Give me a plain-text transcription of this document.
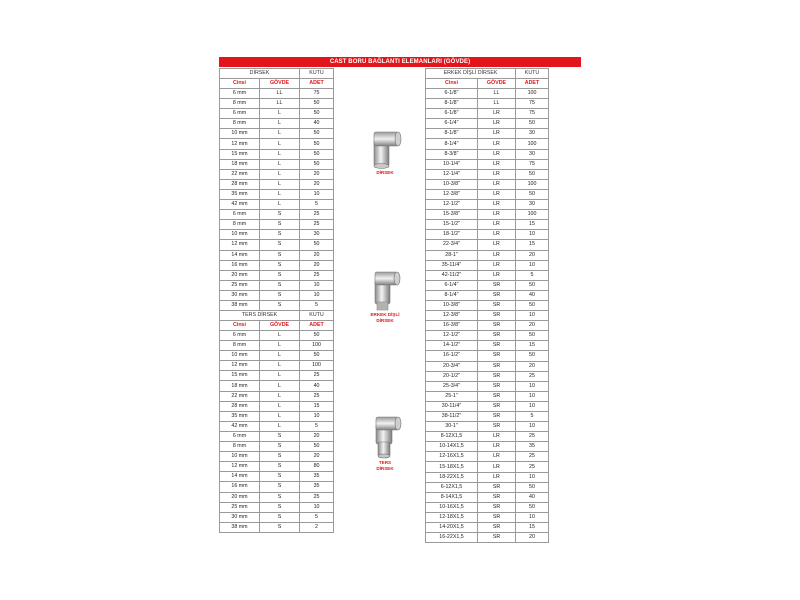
CAST BORU BAĞLANTI ELEMANLARI (GÖVDE)
DİRSEK		KUTU
Cinsi	GÖVDE	ADET
6 mm	LL	75
8 mm	LL	50
6 mm	L	50
8 mm	L	40
10 mm	L	50
12 mm	L	50
15 mm	L	50
18 mm	L	50
22 mm	L	20
28 mm	L	20
35 mm	L	10
42 mm	L	5
6 mm	S	25
8 mm	S	25
10 mm	S	30
12 mm	S	50
14 mm	S	20
16 mm	S	20
20 mm	S	25
25 mm	S	10
30 mm	S	10
38 mm	S	5
TERS DİRSEK		KUTU
Cinsi	GÖVDE	ADET
6 mm	L	50
8 mm	L	100
10 mm	L	50
12 mm	L	100
15 mm	L	25
18 mm	L	40
22 mm	L	25
28 mm	L	15
35 mm	L	10
42 mm	L	5
6 mm	S	20
8 mm	S	50
10 mm	S	20
12 mm	S	80
14 mm	S	35
16 mm	S	35
20 mm	S	25
25 mm	S	10
30 mm	S	5
38 mm	S	2
ERKEK DİŞLİ DİRSEK		KUTU
Cinsi	GÖVDE	ADET
6-1/8"	LL	100
8-1/8"	LL	75
6-1/8"	LR	75
6-1/4"	LR	50
8-1/8"	LR	30
8-1/4"	LR	100
8-3/8"	LR	30
10-1/4"	LR	75
12-1/4"	LR	50
10-3/8"	LR	100
12-3/8"	LR	50
12-1/2"	LR	30
15-3/8"	LR	100
15-1/2"	LR	15
18-1/2"	LR	10
22-3/4"	LR	15
28-1"	LR	20
35-11/4"	LR	10
42-11/2"	LR	5
6-1/4"	SR	50
8-1/4"	SR	40
10-3/8"	SR	50
12-3/8"	SR	10
16-3/8"	SR	20
12-1/2"	SR	50
14-1/2"	SR	15
16-1/2"	SR	50
20-3/4"	SR	20
20-1/2"	SR	25
25-3/4"	SR	10
25-1"	SR	10
30-11/4"	SR	10
38-11/2"	SR	5
30-1"	SR	10
8-12X1,5	LR	25
10-14X1,5	LR	35
12-16X1,5	LR	25
15-18X1,5	LR	25
18-22X1,5	LR	10
6-12X1,5	SR	50
8-14X1,5	SR	40
10-16X1,5	SR	50
12-18X1,5	SR	10
14-20X1,5	SR	15
16-22X1,5	SR	20
DİRSEK
ERKEK DİŞLİ
DİRSEK
TERS
DİRSEK
